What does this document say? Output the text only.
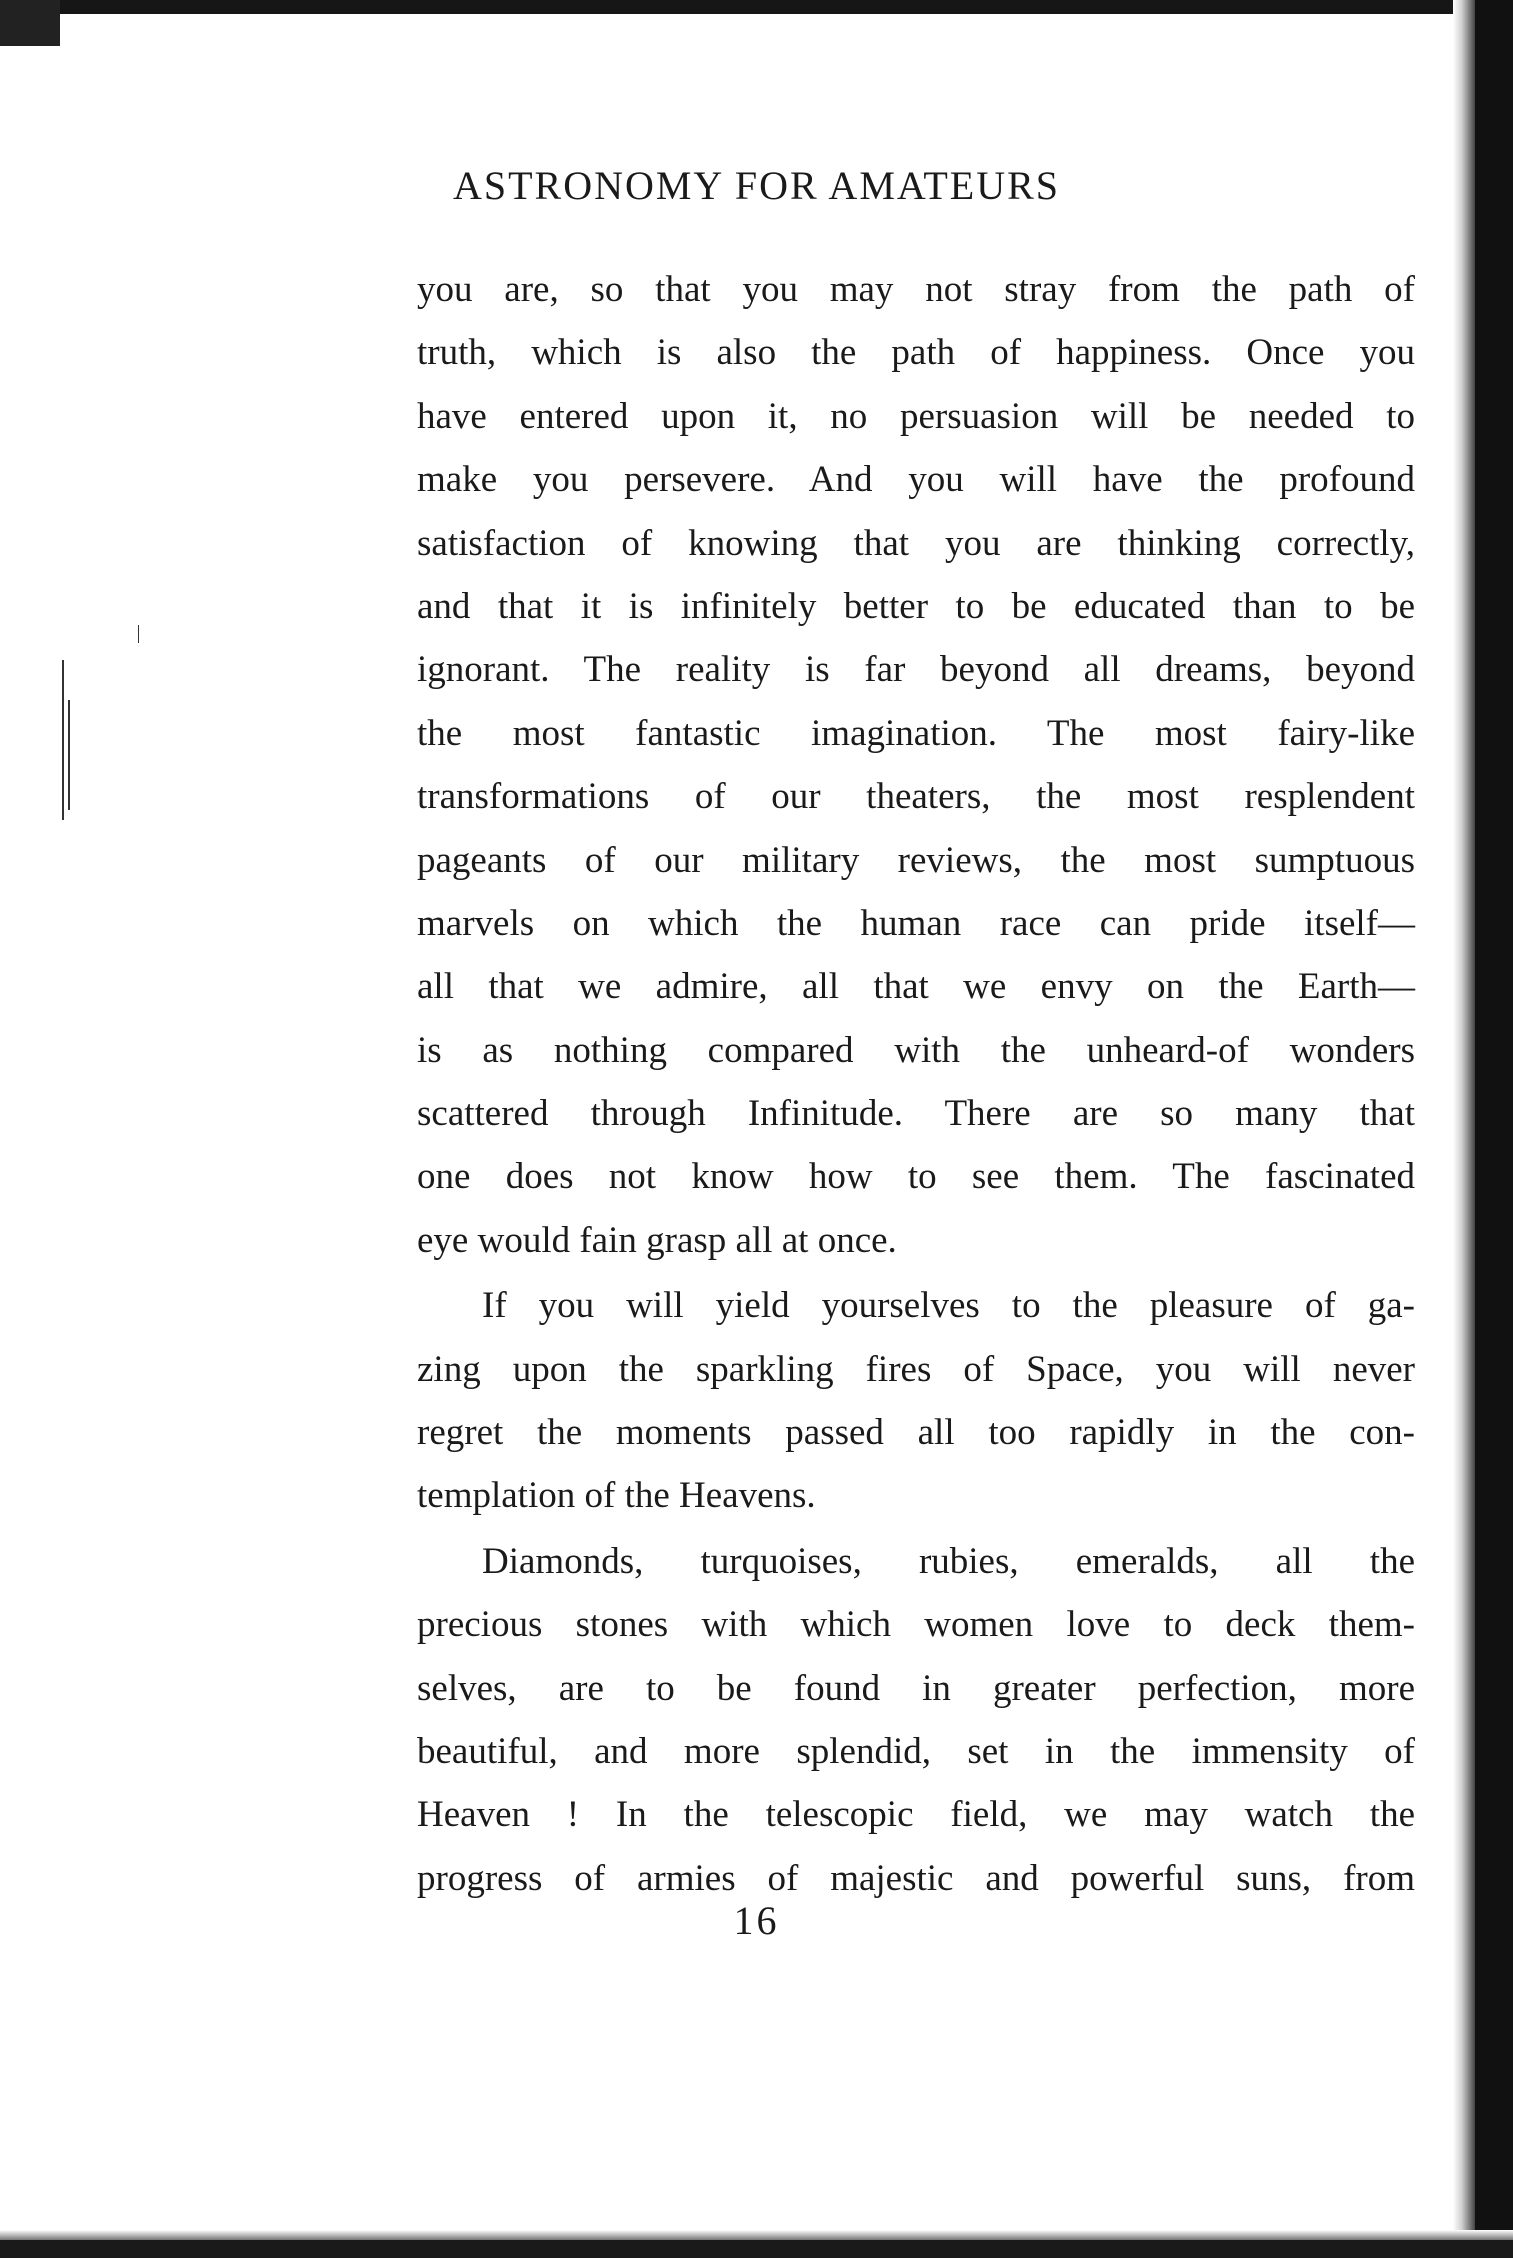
ASTRONOMY FOR AMATEURS
you are, so that you may not stray from the path of
truth, which is also the path of happiness. Once you
have entered upon it, no persuasion will be needed to
make you persevere. And you will have the profound
satisfaction of knowing that you are thinking correctly,
and that it is infinitely better to be educated than to be
ignorant. The reality is far beyond all dreams, beyond
the most fantastic imagination. The most fairy-like
transformations of our theaters, the most resplendent
pageants of our military reviews, the most sumptuous
marvels on which the human race can pride itself—
all that we admire, all that we envy on the Earth—
is as nothing compared with the unheard-of wonders
scattered through Infinitude. There are so many that
one does not know how to see them. The fascinated
eye would fain grasp all at once.
If you will yield yourselves to the pleasure of ga-
zing upon the sparkling fires of Space, you will never
regret the moments passed all too rapidly in the con-
templation of the Heavens.
Diamonds, turquoises, rubies, emeralds, all the
precious stones with which women love to deck them-
selves, are to be found in greater perfection, more
beautiful, and more splendid, set in the immensity of
Heaven ! In the telescopic field, we may watch the
progress of armies of majestic and powerful suns, from
16
